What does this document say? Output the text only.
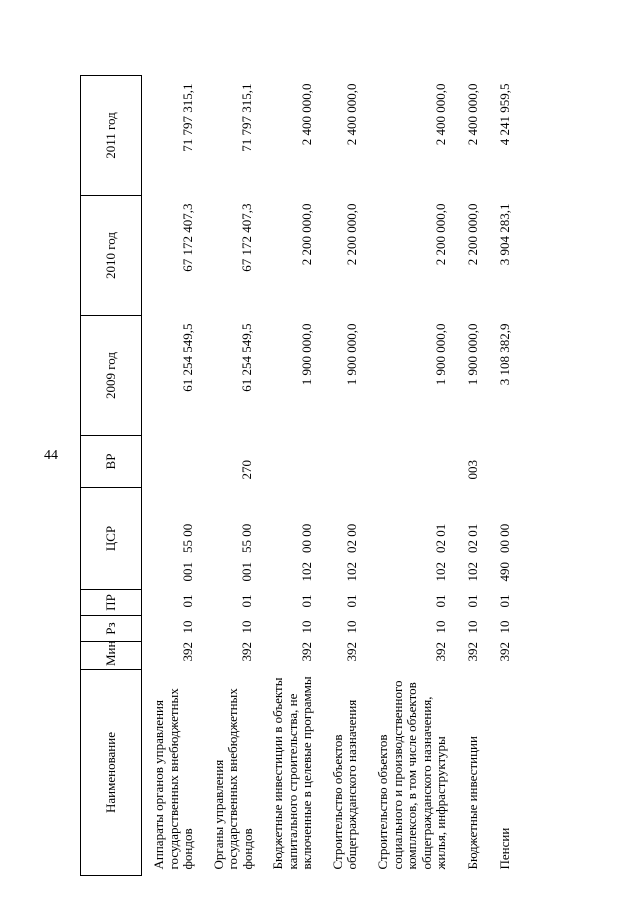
44
Наименование	Мин	Рз	ПР	ЦСР	ВР	2009 год	2010 год	2011 год
Аппараты органов управления государственных внебюджетных фондов	392	10	01	00155 00		61 254 549,5	67 172 407,3	71 797 315,1
Органы управления государственных внебюджетных фондов	392	10	01	00155 00	270	61 254 549,5	67 172 407,3	71 797 315,1
Бюджетные инвестиции в объекты капитального строительства, не включенные в целевые программы	392	10	01	10200 00		1 900 000,0	2 200 000,0	2 400 000,0
Строительство объектов общегражданского назначения	392	10	01	10202 00		1 900 000,0	2 200 000,0	2 400 000,0
Строительство объектов социального и производственного комплексов, в том числе объектов общегражданского назначения, жилья, инфраструктуры	392	10	01	10202 01		1 900 000,0	2 200 000,0	2 400 000,0
Бюджетные инвестиции	392	10	01	10202 01	003	1 900 000,0	2 200 000,0	2 400 000,0
Пенсии	392	10	01	49000 00		3 108 382,9	3 904 283,1	4 241 959,5
